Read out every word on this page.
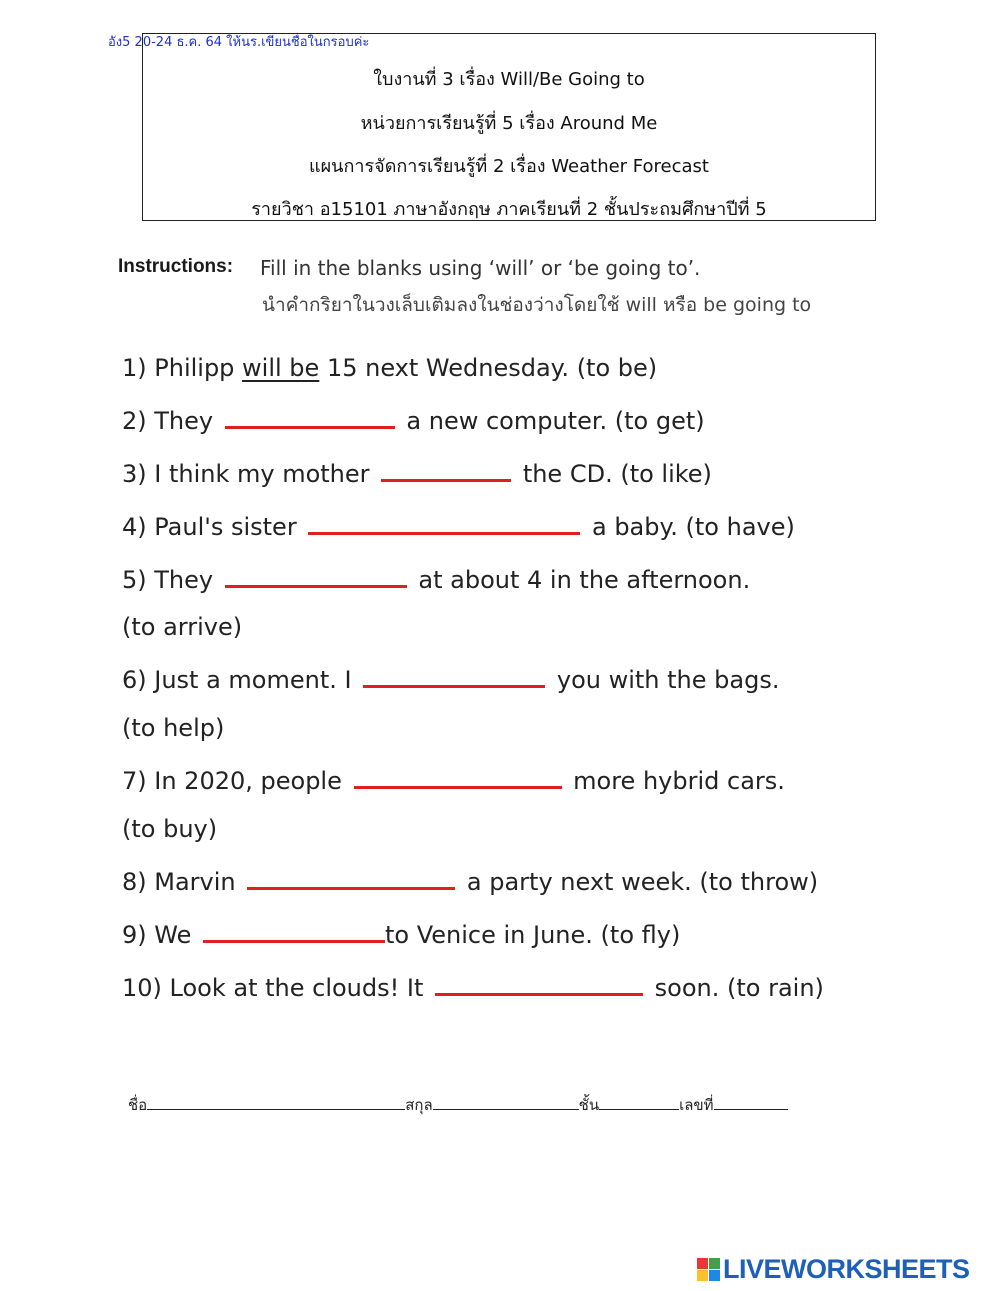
อัง5 20-24 ธ.ค. 64 ให้นร.เขียนชื่อในกรอบค่ะ
ใบงานที่ 3 เรื่อง Will/Be Going to
หน่วยการเรียนรู้ที่ 5 เรื่อง Around Me
แผนการจัดการเรียนรู้ที่ 2 เรื่อง Weather Forecast
รายวิชา อ15101 ภาษาอังกฤษ ภาคเรียนที่ 2 ชั้นประถมศึกษาปีที่ 5
Instructions: Fill in the blanks using ‘will’ or ‘be going to’.
นำคำกริยาในวงเล็บเติมลงในช่องว่างโดยใช้ will หรือ be going to
1) Philipp will be 15 next Wednesday. (to be)
2) They	a new computer. (to get)
3) I think my mother	the CD. (to like)
4) Paul's sister	a baby. (to have)
5) They	at about 4 in the afternoon.
(to arrive)
6) Just a moment. I	you with the bags.
(to help)
7) In 2020, people	more hybrid cars.
(to buy)
8) Marvin	a party next week. (to throw)
9) We	to Venice in June. (to fly)
10) Look at the clouds! It	soon. (to rain)
ชื่อ	สกุล	ชั้น	เลขที่
LIVEWORKSHEETS
